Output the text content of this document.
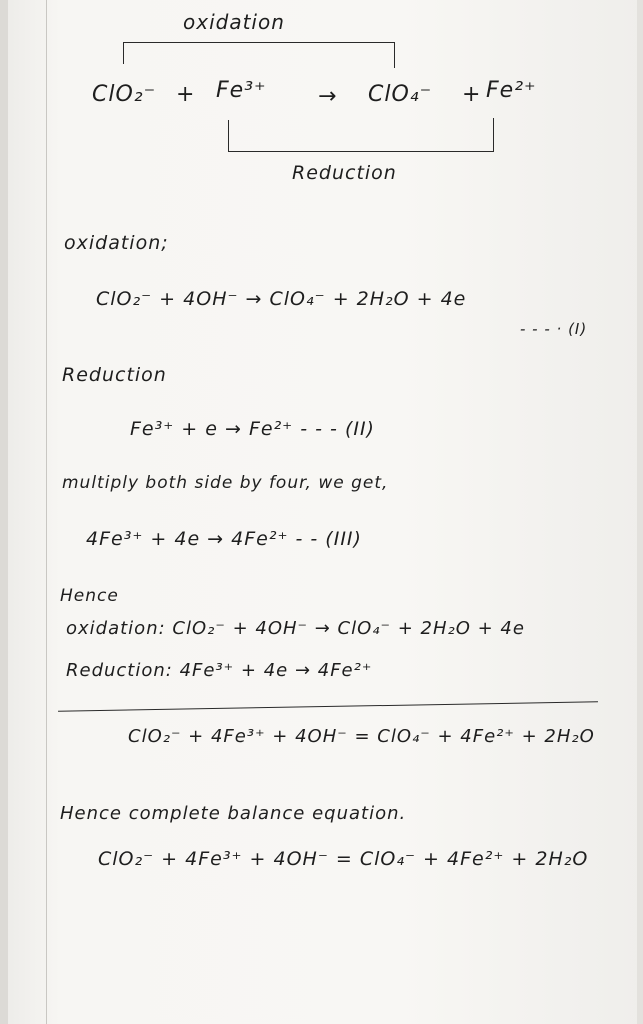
oxidation
ClO₂⁻ + Fe³⁺ → ClO₄⁻ + Fe²⁺
Reduction
oxidation;
ClO₂⁻ + 4OH⁻ → ClO₄⁻ + 2H₂O + 4e
- - - · (I)
Reduction
Fe³⁺ + e → Fe²⁺ - - - (II)
multiply both side by four, we get,
4Fe³⁺ + 4e → 4Fe²⁺ - - (III)
Hence
oxidation: ClO₂⁻ + 4OH⁻ → ClO₄⁻ + 2H₂O + 4e
Reduction: 4Fe³⁺ + 4e → 4Fe²⁺
ClO₂⁻ + 4Fe³⁺ + 4OH⁻ = ClO₄⁻ + 4Fe²⁺ + 2H₂O
Hence complete balance equation.
ClO₂⁻ + 4Fe³⁺ + 4OH⁻ = ClO₄⁻ + 4Fe²⁺ + 2H₂O
